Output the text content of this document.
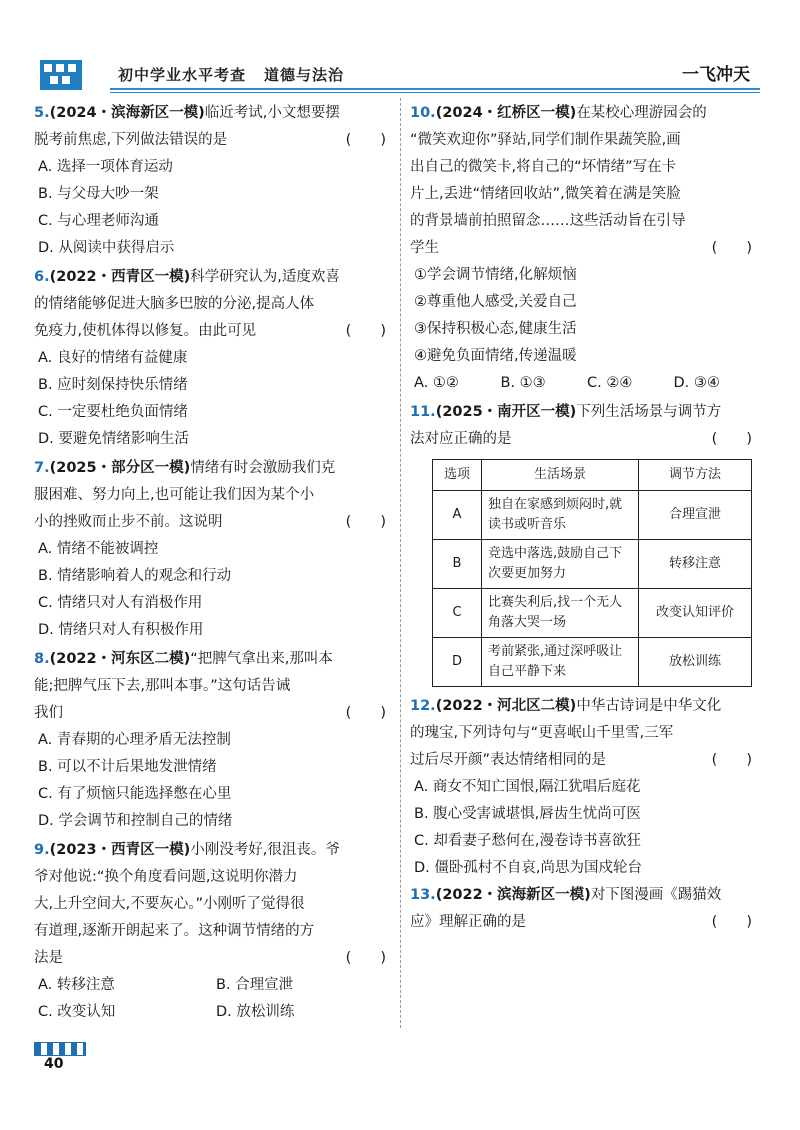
初中学业水平考查 道德与法治	一飞冲天

5.(2024・滨海新区一模)临近考试,小文想要摆

脱考前焦虑,下列做法错误的是	(　　)

A. 选择一项体育运动
B. 与父母大吵一架
C. 与心理老师沟通
D. 从阅读中获得启示

6.(2022・西青区一模)科学研究认为,适度欢喜

的情绪能够促进大脑多巴胺的分泌,提高人体

免疫力,使机体得以修复。由此可见	(　　)

A. 良好的情绪有益健康
B. 应时刻保持快乐情绪
C. 一定要杜绝负面情绪
D. 要避免情绪影响生活

7.(2025・部分区一模)情绪有时会激励我们克

服困难、努力向上,也可能让我们因为某个小

小的挫败而止步不前。这说明	(　　)

A. 情绪不能被调控
B. 情绪影响着人的观念和行动
C. 情绪只对人有消极作用
D. 情绪只对人有积极作用

8.(2022・河东区二模)“把脾气拿出来,那叫本

能;把脾气压下去,那叫本事。”这句话告诫

我们	(　　)

A. 青春期的心理矛盾无法控制
B. 可以不计后果地发泄情绪
C. 有了烦恼只能选择憋在心里
D. 学会调节和控制自己的情绪

9.(2023・西青区一模)小刚没考好,很沮丧。爷

爷对他说:“换个角度看问题,这说明你潜力

大,上升空间大,不要灰心。”小刚听了觉得很

有道理,逐渐开朗起来了。这种调节情绪的方

法是	(　　)

A. 转移注意	B. 合理宣泄
C. 改变认知	D. 放松训练

10.(2024・红桥区一模)在某校心理游园会的

“微笑欢迎你”驿站,同学们制作果蔬笑脸,画

出自己的微笑卡,将自己的“坏情绪”写在卡

片上,丢进“情绪回收站”,微笑着在满是笑脸

的背景墙前拍照留念……这些活动旨在引导

学生	(　　)

①学会调节情绪,化解烦恼
②尊重他人感受,关爱自己
③保持积极心态,健康生活
④避免负面情绪,传递温暖
A. ①②	B. ①③	C. ②④	D. ③④

11.(2025・南开区一模)下列生活场景与调节方

法对应正确的是	(　　)

选项	生活场景	调节方法
A	独自在家感到烦闷时,就读书或听音乐	合理宣泄
B	竞选中落选,鼓励自己下次要更加努力	转移注意
C	比赛失利后,找一个无人角落大哭一场	改变认知评价
D	考前紧张,通过深呼吸让自己平静下来	放松训练

12.(2022・河北区二模)中华古诗词是中华文化

的瑰宝,下列诗句与“更喜岷山千里雪,三军

过后尽开颜”表达情绪相同的是	(　　)

A. 商女不知亡国恨,隔江犹唱后庭花
B. 腹心受害诚堪惧,唇齿生忧尚可医
C. 却看妻子愁何在,漫卷诗书喜欲狂
D. 僵卧孤村不自哀,尚思为国戍轮台

13.(2022・滨海新区一模)对下图漫画《踢猫效

应》理解正确的是	(　　)

40
